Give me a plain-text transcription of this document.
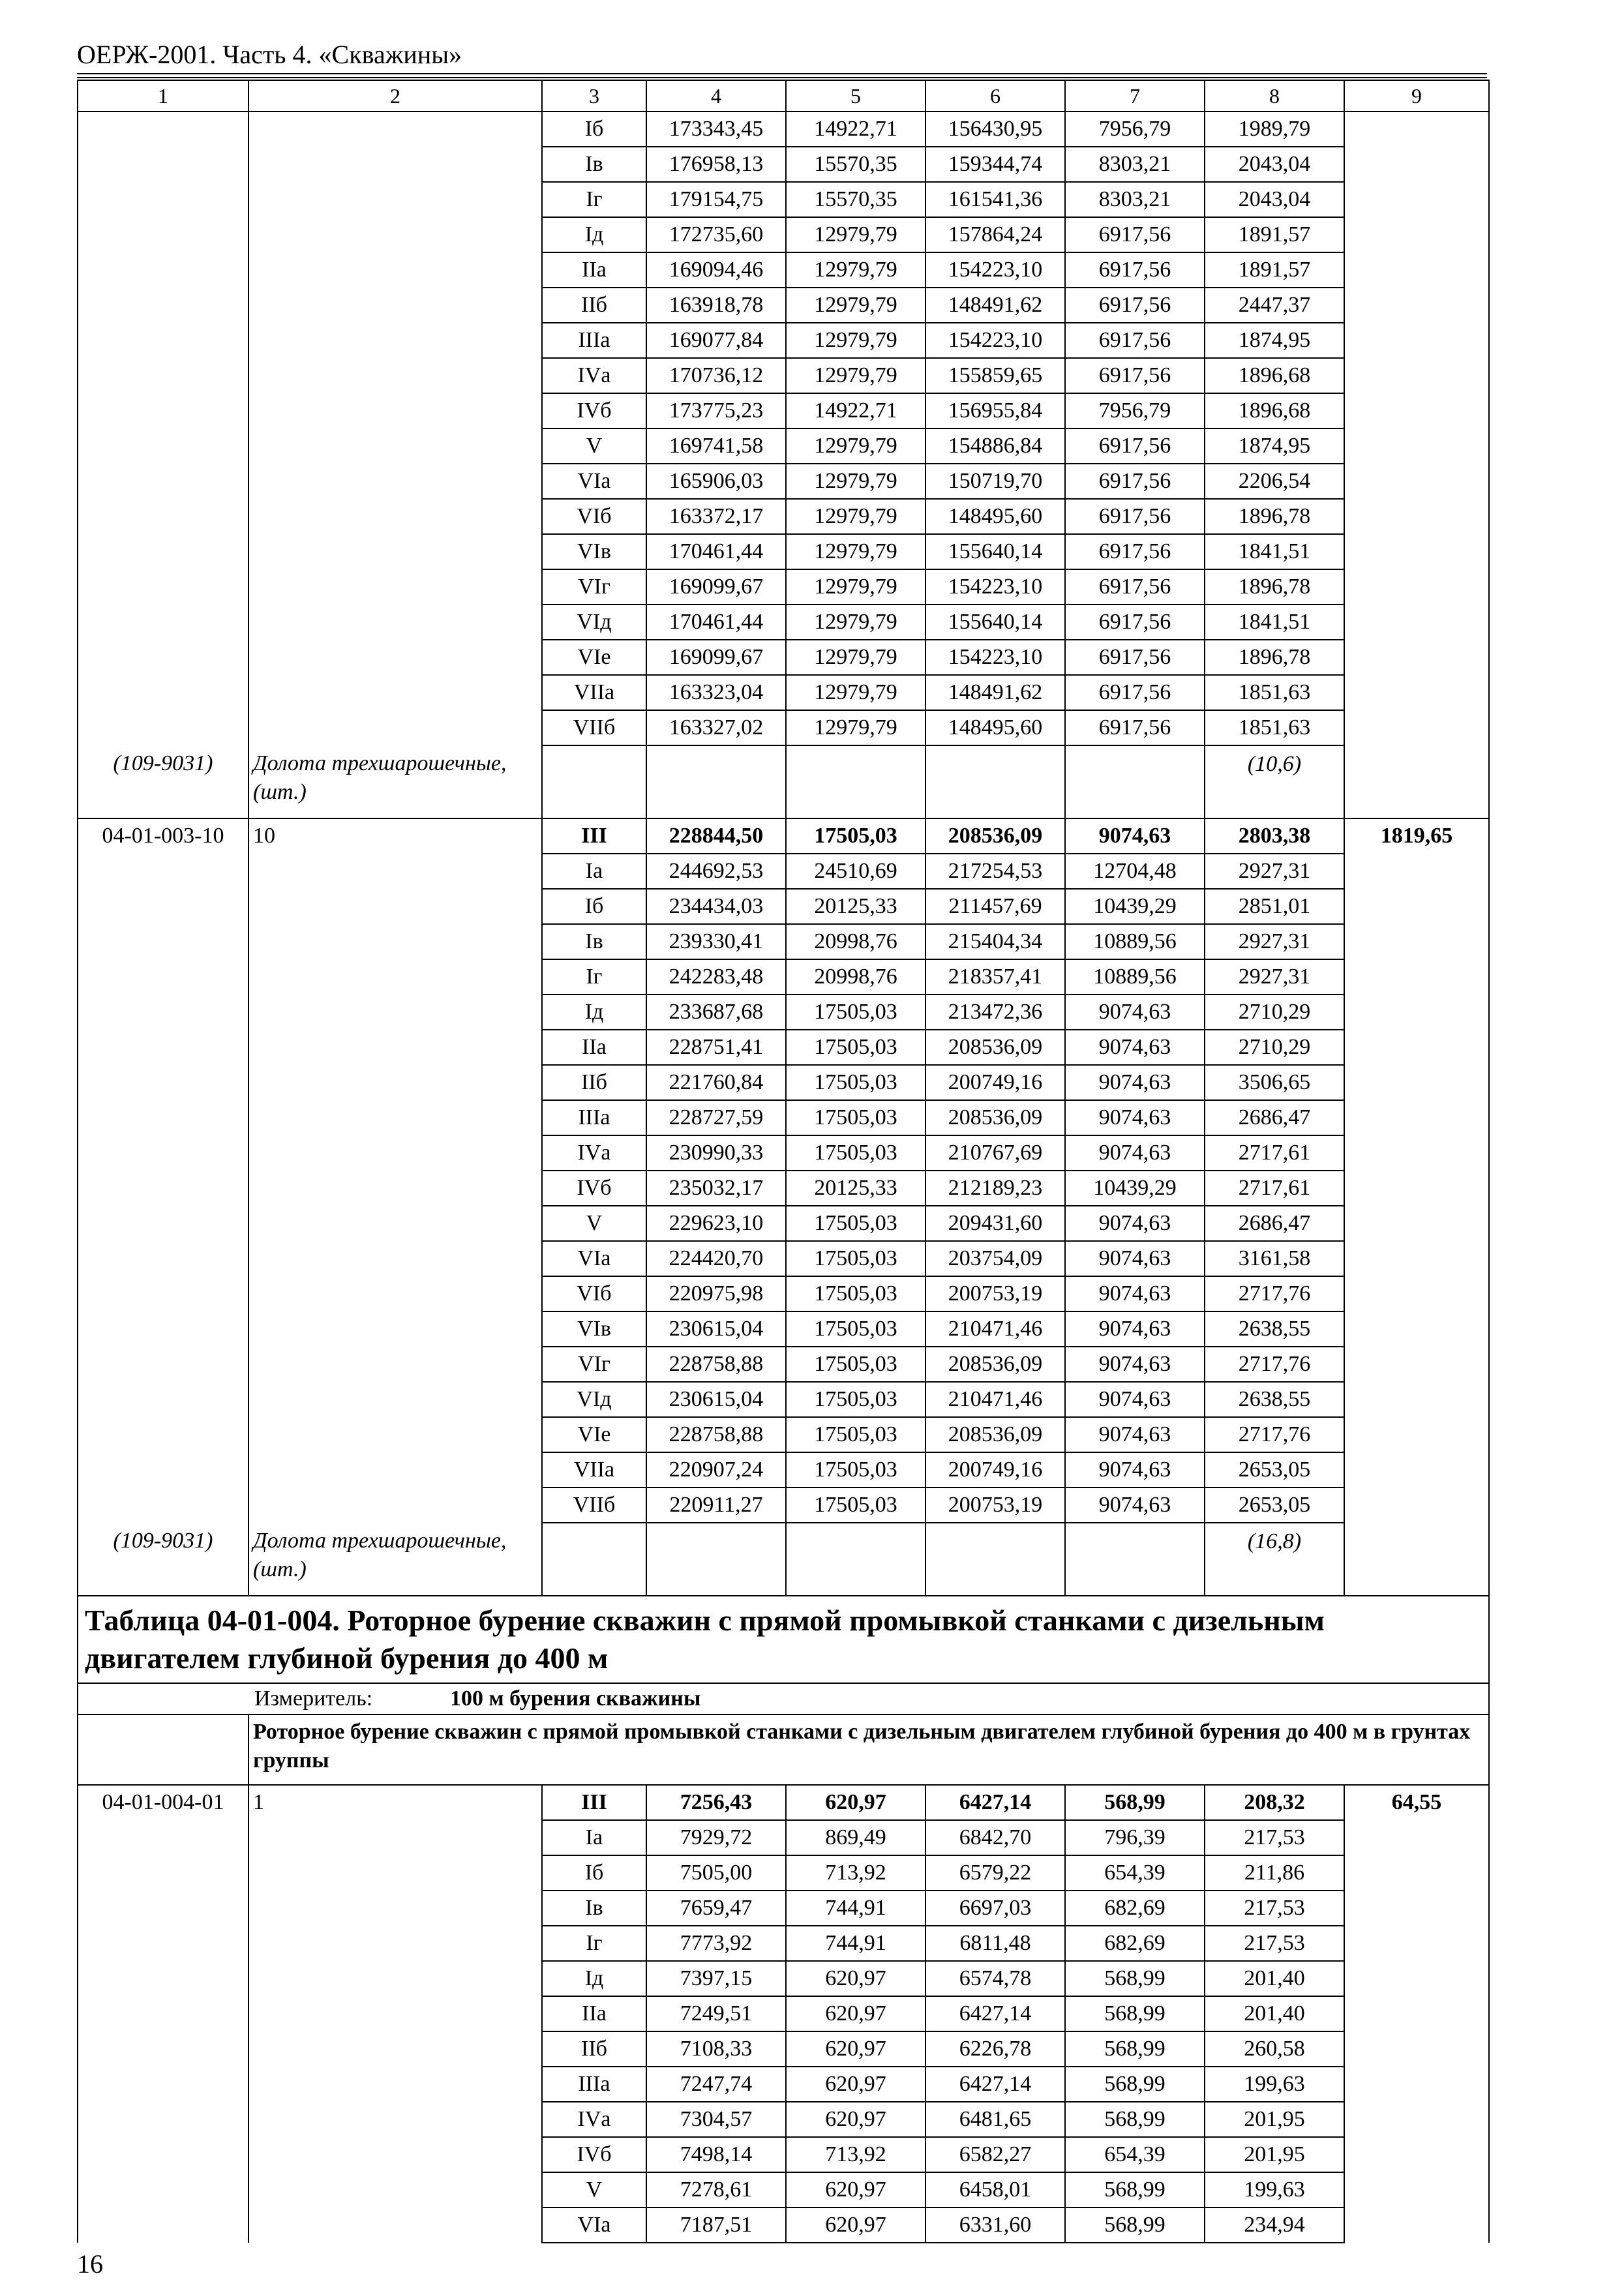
ОЕРЖ-2001. Часть 4. «Скважины»
1	2	3	4	5	6	7	8	9
		Iб	173343,45	14922,71	156430,95	7956,79	1989,79	
		Iв	176958,13	15570,35	159344,74	8303,21	2043,04	
		Iг	179154,75	15570,35	161541,36	8303,21	2043,04	
		Iд	172735,60	12979,79	157864,24	6917,56	1891,57	
		IIа	169094,46	12979,79	154223,10	6917,56	1891,57	
		IIб	163918,78	12979,79	148491,62	6917,56	2447,37	
		IIIа	169077,84	12979,79	154223,10	6917,56	1874,95	
		IVа	170736,12	12979,79	155859,65	6917,56	1896,68	
		IVб	173775,23	14922,71	156955,84	7956,79	1896,68	
		V	169741,58	12979,79	154886,84	6917,56	1874,95	
		VIа	165906,03	12979,79	150719,70	6917,56	2206,54	
		VIб	163372,17	12979,79	148495,60	6917,56	1896,78	
		VIв	170461,44	12979,79	155640,14	6917,56	1841,51	
		VIг	169099,67	12979,79	154223,10	6917,56	1896,78	
		VIд	170461,44	12979,79	155640,14	6917,56	1841,51	
		VIе	169099,67	12979,79	154223,10	6917,56	1896,78	
		VIIа	163323,04	12979,79	148491,62	6917,56	1851,63	
		VIIб	163327,02	12979,79	148495,60	6917,56	1851,63	
(109-9031)	Долота трехшарошечные, (шт.)						(10,6)	
04-01-003-10	10	III	228844,50	17505,03	208536,09	9074,63	2803,38	1819,65
		Iа	244692,53	24510,69	217254,53	12704,48	2927,31	
		Iб	234434,03	20125,33	211457,69	10439,29	2851,01	
		Iв	239330,41	20998,76	215404,34	10889,56	2927,31	
		Iг	242283,48	20998,76	218357,41	10889,56	2927,31	
		Iд	233687,68	17505,03	213472,36	9074,63	2710,29	
		IIа	228751,41	17505,03	208536,09	9074,63	2710,29	
		IIб	221760,84	17505,03	200749,16	9074,63	3506,65	
		IIIа	228727,59	17505,03	208536,09	9074,63	2686,47	
		IVа	230990,33	17505,03	210767,69	9074,63	2717,61	
		IVб	235032,17	20125,33	212189,23	10439,29	2717,61	
		V	229623,10	17505,03	209431,60	9074,63	2686,47	
		VIа	224420,70	17505,03	203754,09	9074,63	3161,58	
		VIб	220975,98	17505,03	200753,19	9074,63	2717,76	
		VIв	230615,04	17505,03	210471,46	9074,63	2638,55	
		VIг	228758,88	17505,03	208536,09	9074,63	2717,76	
		VIд	230615,04	17505,03	210471,46	9074,63	2638,55	
		VIе	228758,88	17505,03	208536,09	9074,63	2717,76	
		VIIа	220907,24	17505,03	200749,16	9074,63	2653,05	
		VIIб	220911,27	17505,03	200753,19	9074,63	2653,05	
(109-9031)	Долота трехшарошечные, (шт.)						(16,8)	
Таблица 04-01-004. Роторное бурение скважин с прямой промывкой станками с дизельным двигателем глубиной бурения до 400 м								
Измеритель: 100 м бурения скважины								
	Роторное бурение скважин с прямой промывкой станками с дизельным двигателем глубиной бурения до 400 м в грунтах группы							
04-01-004-01	1	III	7256,43	620,97	6427,14	568,99	208,32	64,55
		Iа	7929,72	869,49	6842,70	796,39	217,53	
		Iб	7505,00	713,92	6579,22	654,39	211,86	
		Iв	7659,47	744,91	6697,03	682,69	217,53	
		Iг	7773,92	744,91	6811,48	682,69	217,53	
		Iд	7397,15	620,97	6574,78	568,99	201,40	
		IIа	7249,51	620,97	6427,14	568,99	201,40	
		IIб	7108,33	620,97	6226,78	568,99	260,58	
		IIIа	7247,74	620,97	6427,14	568,99	199,63	
		IVа	7304,57	620,97	6481,65	568,99	201,95	
		IVб	7498,14	713,92	6582,27	654,39	201,95	
		V	7278,61	620,97	6458,01	568,99	199,63	
		VIа	7187,51	620,97	6331,60	568,99	234,94	
16
